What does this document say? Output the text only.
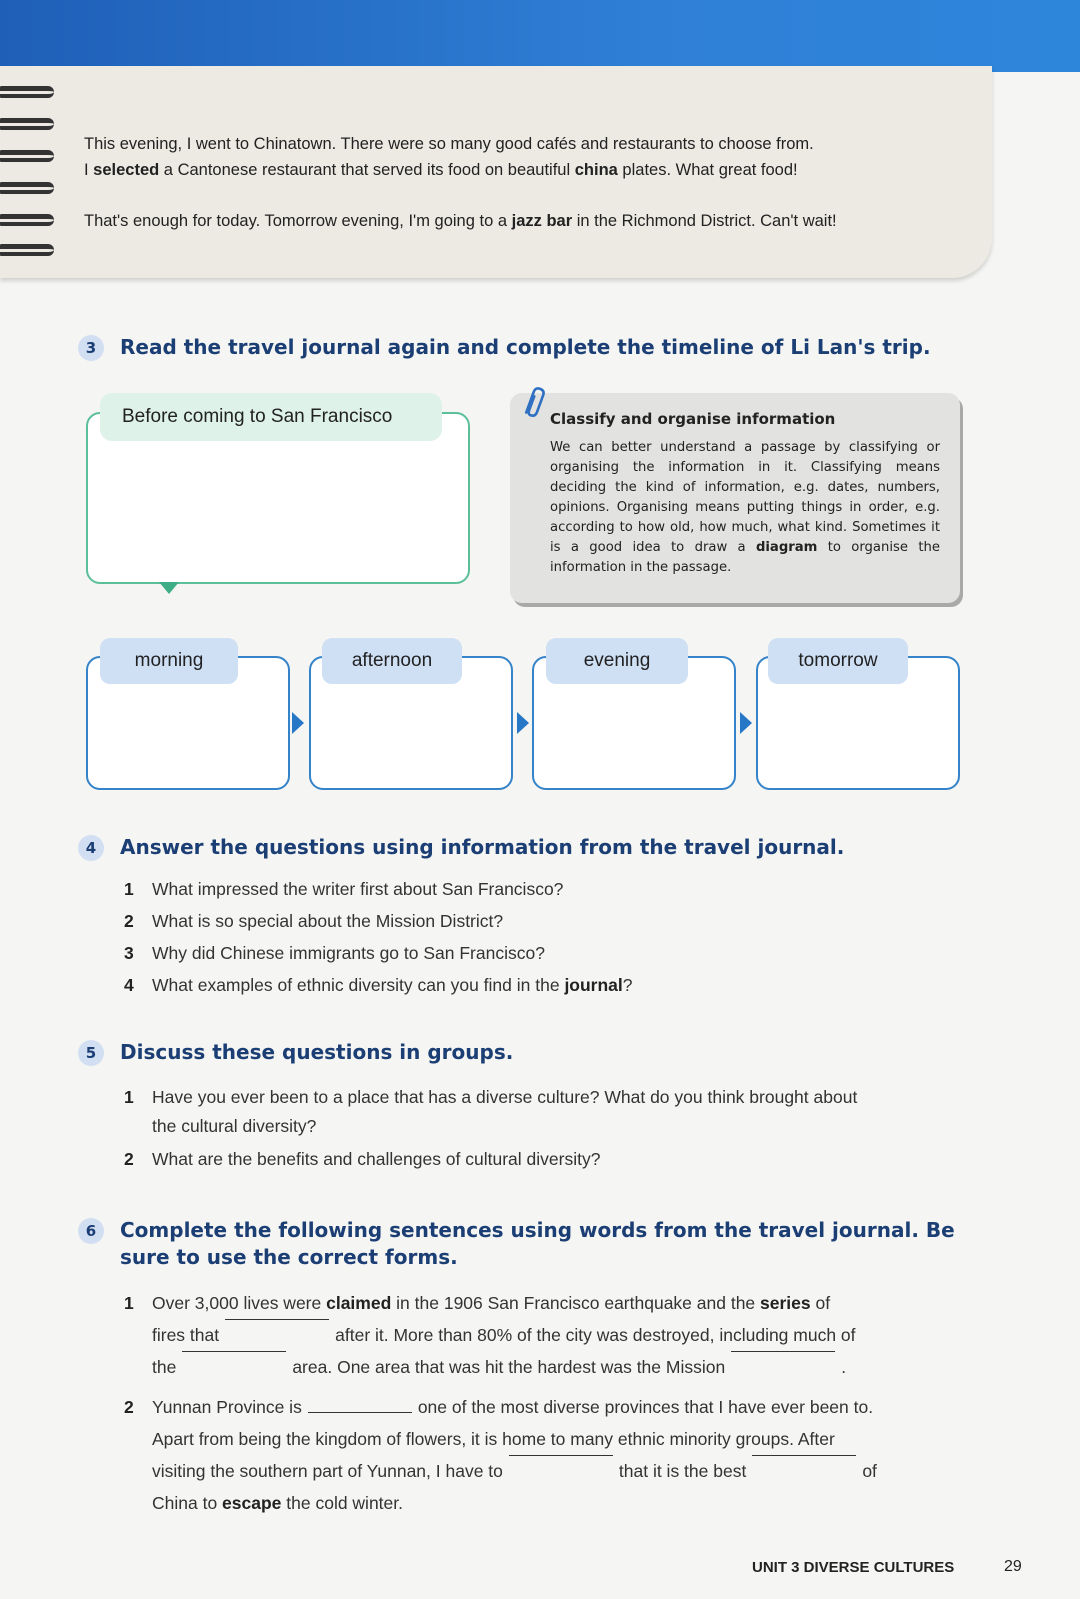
This evening, I went to Chinatown. There were so many good cafés and restaurants to choose from.

I selected a Cantonese restaurant that served its food on beautiful china plates. What great food!

That's enough for today. Tomorrow evening, I'm going to a jazz bar in the Richmond District. Can't wait!

3	Read the travel journal again and complete the timeline of Li Lan's trip.
Before coming to San Francisco	Classify and organise information
We can better understand a passage by classifying or organising the information in it. Classifying means deciding the kind of information, e.g. dates, numbers, opinions. Organising means putting things in order, e.g. according to how old, how much, what kind. Sometimes it is a good idea to draw a diagram to organise the information in the passage.
morning	afternoon	evening	tomorrow
4	Answer the questions using information from the travel journal.
1	What impressed the writer first about San Francisco?
2	What is so special about the Mission District?
3	Why did Chinese immigrants go to San Francisco?
4	What examples of ethnic diversity can you find in the journal?
5	Discuss these questions in groups.
1	Have you ever been to a place that has a diverse culture? What do you think brought about
the cultural diversity?
2	What are the benefits and challenges of cultural diversity?
6	Complete the following sentences using words from the travel journal. Be
sure to use the correct forms.
1	Over 3,000 lives were claimed in the 1906 San Francisco earthquake and the series of
fires that	after it. More than 80% of the city was destroyed, including much of
the	area. One area that was hit the hardest was the Mission	.
2	Yunnan Province is	one of the most diverse provinces that I have ever been to.
Apart from being the kingdom of flowers, it is home to many ethnic minority groups. After
visiting the southern part of Yunnan, I have to	that it is the best	of
China to escape the cold winter.
UNIT 3 DIVERSE CULTURES	29
